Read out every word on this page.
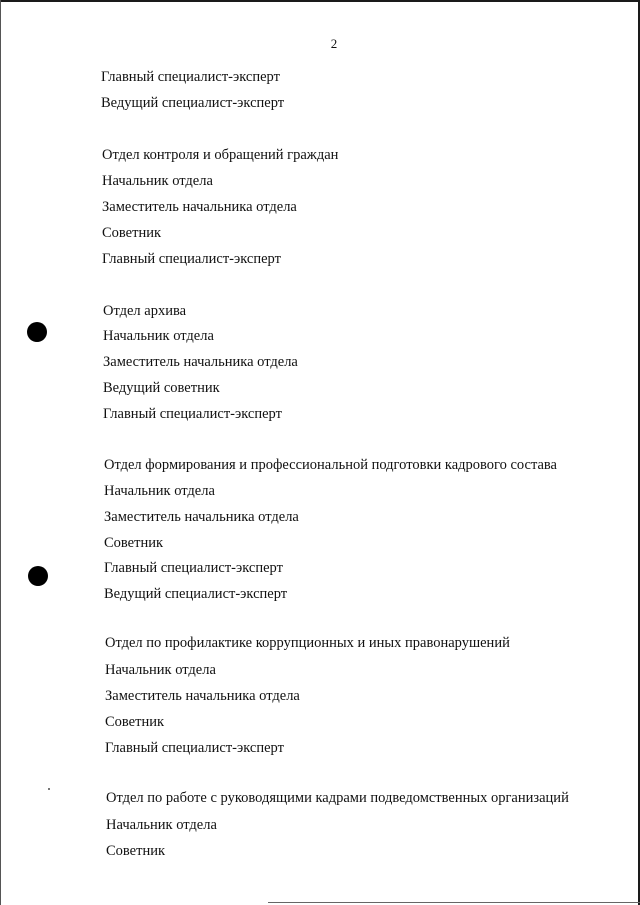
2
Главный специалист-эксперт
Ведущий специалист-эксперт
Отдел контроля и обращений граждан
Начальник отдела
Заместитель начальника отдела
Советник
Главный специалист-эксперт
Отдел архива
Начальник отдела
Заместитель начальника отдела
Ведущий советник
Главный специалист-эксперт
Отдел формирования и профессиональной подготовки кадрового состава
Начальник отдела
Заместитель начальника отдела
Советник
Главный специалист-эксперт
Ведущий специалист-эксперт
Отдел по профилактике коррупционных и иных правонарушений
Начальник отдела
Заместитель начальника отдела
Советник
Главный специалист-эксперт
Отдел по работе с руководящими кадрами подведомственных организаций
Начальник отдела
Советник
